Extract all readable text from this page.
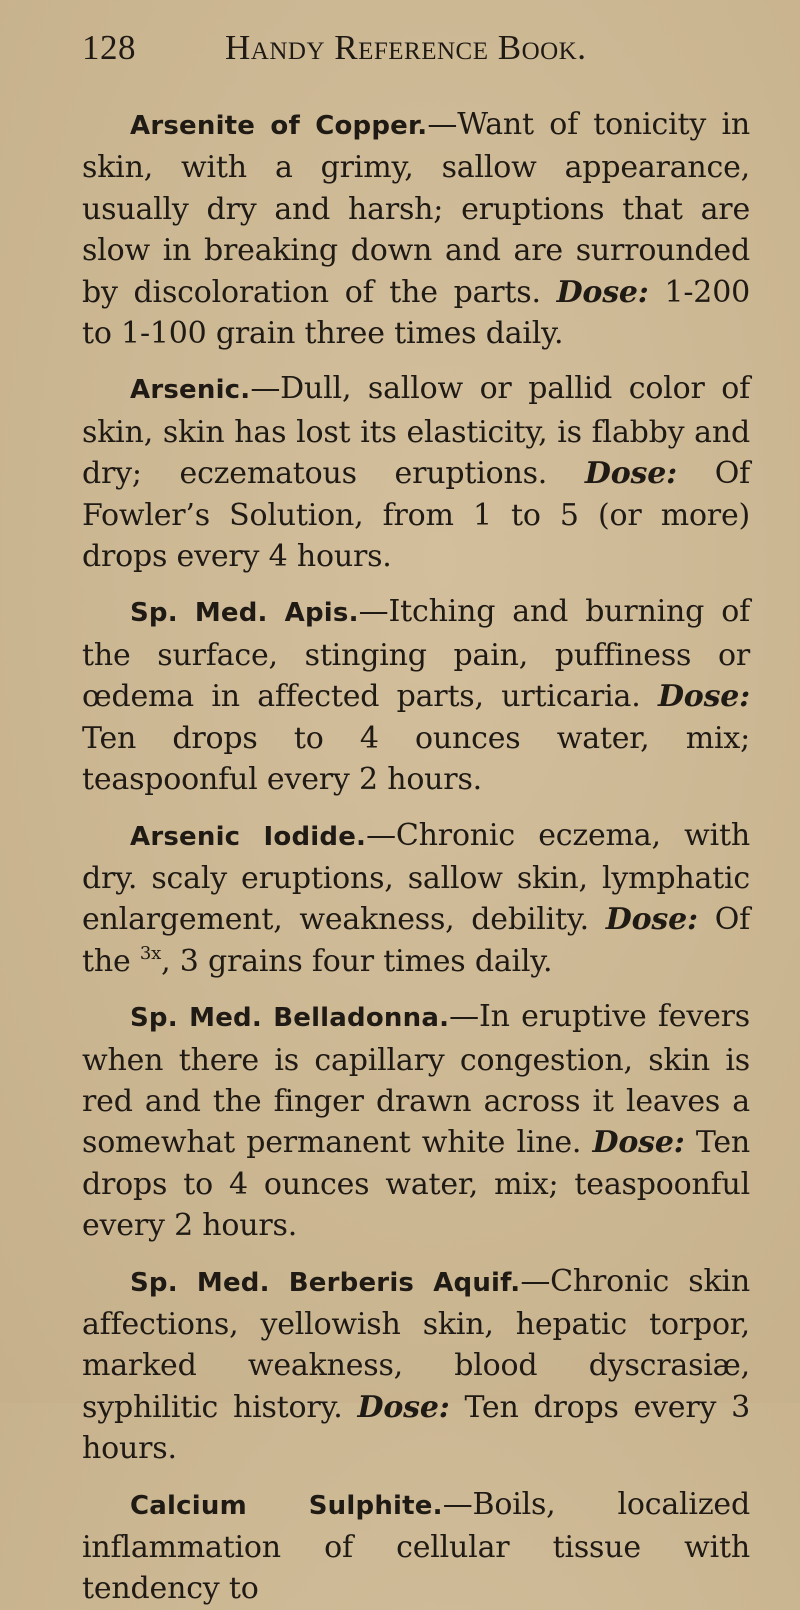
128	Handy Reference Book.

Arsenite of Copper.—Want of tonicity in skin, with a grimy, sallow appearance, usually dry and harsh; eruptions that are slow in breaking down and are surrounded by discoloration of the parts. Dose: 1-200 to 1-100 grain three times daily.

Arsenic.—Dull, sallow or pallid color of skin, skin has lost its elasticity, is flabby and dry; eczematous eruptions. Dose: Of Fowler’s Solution, from 1 to 5 (or more) drops every 4 hours.

Sp. Med. Apis.—Itching and burning of the surface, stinging pain, puffiness or œdema in affected parts, urticaria. Dose: Ten drops to 4 ounces water, mix; teaspoonful every 2 hours.

Arsenic Iodide.—Chronic eczema, with dry. scaly eruptions, sallow skin, lymphatic enlargement, weakness, debility. Dose: Of the $^{3x}$, 3 grains four times daily.

Sp. Med. Belladonna.—In eruptive fevers when there is capillary congestion, skin is red and the finger drawn across it leaves a somewhat permanent white line. Dose: Ten drops to 4 ounces water, mix; teaspoonful every 2 hours.

Sp. Med. Berberis Aquif.—Chronic skin affections, yellowish skin, hepatic torpor, marked weakness, blood dyscrasiæ, syphilitic history. Dose: Ten drops every 3 hours.

Calcium Sulphite.—Boils, localized inflammation of cellular tissue with tendency to
